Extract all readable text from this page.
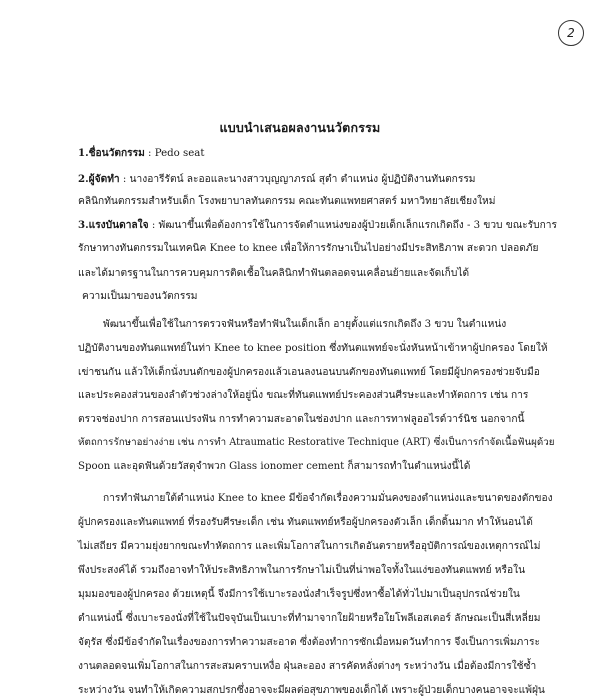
2
แบบนำเสนอผลงานนวัตกรรม
1.ชื่อนวัตกรรม : Pedo seat
2.ผู้จัดทำ : นางอารีรัตน์ ละออและนางสาวบุญญาภรณ์ สุตำ ตำแหน่ง ผู้ปฏิบัติงานทันตกรรม
คลินิกทันตกรรมสำหรับเด็ก โรงพยาบาลทันตกรรม คณะทันตแพทยศาสตร์ มหาวิทยาลัยเชียงใหม่
3.แรงบันดาลใจ : พัฒนาขึ้นเพื่อต้องการใช้ในการจัดตำแหน่งของผู้ป่วยเด็กเล็กแรกเกิดถึง - 3 ขวบ ขณะรับการ
รักษาทางทันตกรรมในเทคนิค Knee to knee เพื่อให้การรักษาเป็นไปอย่างมีประสิทธิภาพ สะดวก ปลอดภัย
และได้มาตรฐานในการควบคุมการติดเชื้อในคลินิกทำฟันตลอดจนเคลื่อนย้ายและจัดเก็บได้
ความเป็นมาของนวัตกรรม
พัฒนาขึ้นเพื่อใช้ในการตรวจฟันหรือทำฟันในเด็กเล็ก อายุตั้งแต่แรกเกิดถึง 3 ขวบ ในตำแหน่ง
ปฏิบัติงานของทันตแพทย์ในท่า Knee to knee position ซึ่งทันตแพทย์จะนั่งหันหน้าเข้าหาผู้ปกครอง โดยให้
เข่าชนกัน แล้วให้เด็กนั่งบนตักของผู้ปกครองแล้วเอนลงนอนบนตักของทันตแพทย์ โดยมีผู้ปกครองช่วยจับมือ
และประคองส่วนของลำตัวช่วงล่างให้อยู่นิ่ง ขณะที่ทันตแพทย์ประคองส่วนศีรษะและทำหัตถการ เช่น การ
ตรวจช่องปาก การสอนแปรงฟัน การทำความสะอาดในช่องปาก และการทาฟลูออไรด์วาร์นิช นอกจากนี้
หัตถการรักษาอย่างง่าย เช่น การทำ Atraumatic Restorative Technique (ART) ซึ่งเป็นการกำจัดเนื้อฟันผุด้วย
Spoon และอุดฟันด้วยวัสดุจำพวก Glass ionomer cement ก็สามารถทำในตำแหน่งนี้ได้
การทำฟันภายใต้ตำแหน่ง Knee to knee มีข้อจำกัดเรื่องความมั่นคงของตำแหน่งและขนาดของตักของ
ผู้ปกครองและทันตแพทย์ ที่รองรับศีรษะเด็ก เช่น ทันตแพทย์หรือผู้ปกครองตัวเล็ก เด็กดิ้นมาก ทำให้นอนได้
ไม่เสถียร มีความยุ่งยากขณะทำหัตถการ และเพิ่มโอกาสในการเกิดอันตรายหรืออุบัติการณ์ของเหตุการณ์ไม่
พึงประสงค์ได้ รวมถึงอาจทำให้ประสิทธิภาพในการรักษาไม่เป็นที่น่าพอใจทั้งในแง่ของทันตแพทย์ หรือใน
มุมมองของผู้ปกครอง ด้วยเหตุนี้ จึงมีการใช้เบาะรองนั่งสำเร็จรูปซึ่งหาซื้อได้ทั่วไปมาเป็นอุปกรณ์ช่วยใน
ตำแหน่งนี้ ซึ่งเบาะรองนั่งที่ใช้ในปัจจุบันเป็นเบาะที่ทำมาจากใยฝ้ายหรือใยโพลีเอสเตอร์ ลักษณะเป็นสี่เหลี่ยม
จัตุรัส ซึ่งมีข้อจำกัดในเรื่องของการทำความสะอาด ซึ่งต้องทำการซักเมื่อหมดวันทำการ จึงเป็นการเพิ่มภาระ
งานตลอดจนเพิ่มโอกาสในการสะสมคราบเหงื่อ ฝุ่นละออง สารคัดหลั่งต่างๆ ระหว่างวัน เมื่อต้องมีการใช้ซ้ำ
ระหว่างวัน จนทำให้เกิดความสกปรกซึ่งอาจจะมีผลต่อสุขภาพของเด็กได้ เพราะผู้ป่วยเด็กบางคนอาจจะแพ้ฝุ่น
